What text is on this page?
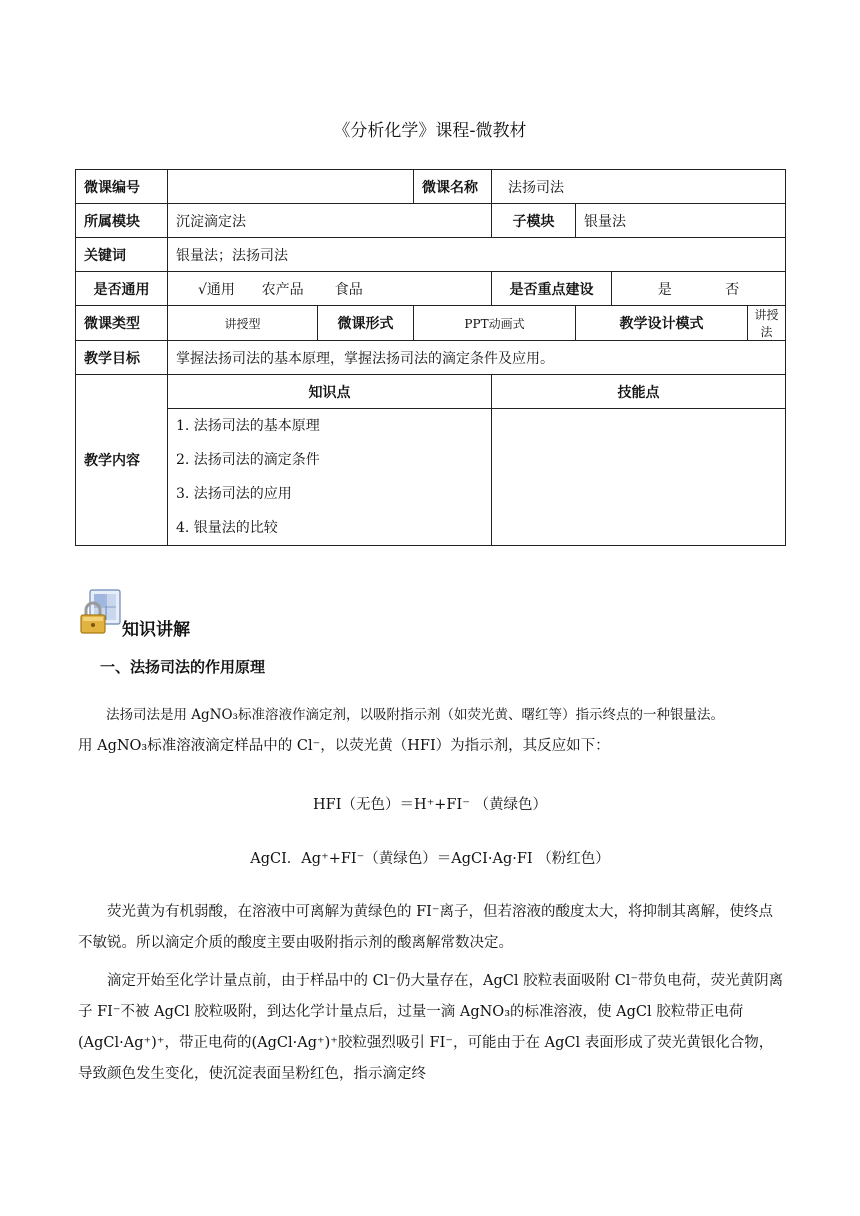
《分析化学》课程-微教材
微课编号			微课名称	法扬司法			
所属模块	沉淀滴定法			子模块	银量法		
关键词	银量法；法扬司法						
是否通用	√通用      农产品       食品			是否重点建设		是            否	
微课类型	讲授型	微课形式	PPT动画式		教学设计模式		讲授法
教学目标	掌握法扬司法的基本原理，掌握法扬司法的滴定条件及应用。						
教学内容	知识点			技能点			

	1. 法扬司法的基本原理
2. 法扬司法的滴定条件
3. 法扬司法的应用
4. 银量法的比较						

知识讲解
一、法扬司法的作用原理
法扬司法是用 AgNO₃标准溶液作滴定剂，以吸附指示剂（如荧光黄、曙红等）指示终点的一种银量法。
用 AgNO₃标准溶液滴定样品中的 Cl⁻，以荧光黄（HFI）为指示剂，其反应如下：
HFI（无色）＝H⁺+FI⁻ （黄绿色）
AgCI．Ag⁺+FI⁻（黄绿色）＝AgCI·Ag·FI （粉红色）
荧光黄为有机弱酸，在溶液中可离解为黄绿色的 FI⁻离子，但若溶液的酸度太大，将抑制其离解，使终点不敏锐。所以滴定介质的酸度主要由吸附指示剂的酸离解常数决定。
滴定开始至化学计量点前，由于样品中的 Cl⁻仍大量存在，AgCl 胶粒表面吸附 Cl⁻带负电荷，荧光黄阴离子 FI⁻不被 AgCl 胶粒吸附，到达化学计量点后，过量一滴 AgNO₃的标准溶液，使 AgCl 胶粒带正电荷(AgCl·Ag⁺)⁺，带正电荷的(AgCl·Ag⁺)⁺胶粒强烈吸引 FI⁻，可能由于在 AgCl 表面形成了荧光黄银化合物，导致颜色发生变化，使沉淀表面呈粉红色，指示滴定终
